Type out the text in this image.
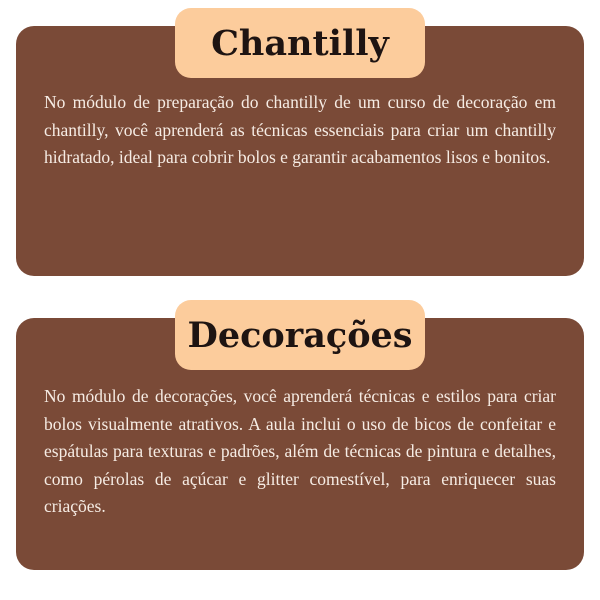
Chantilly
No módulo de preparação do chantilly de um curso de decoração em chantilly, você aprenderá as técnicas essenciais para criar um chantilly hidratado, ideal para cobrir bolos e garantir acabamentos lisos e bonitos.
Decorações
No módulo de decorações, você aprenderá técnicas e estilos para criar bolos visualmente atrativos. A aula inclui o uso de bicos de confeitar e espátulas para texturas e padrões, além de técnicas de pintura e detalhes, como pérolas de açúcar e glitter comestível, para enriquecer suas criações.
